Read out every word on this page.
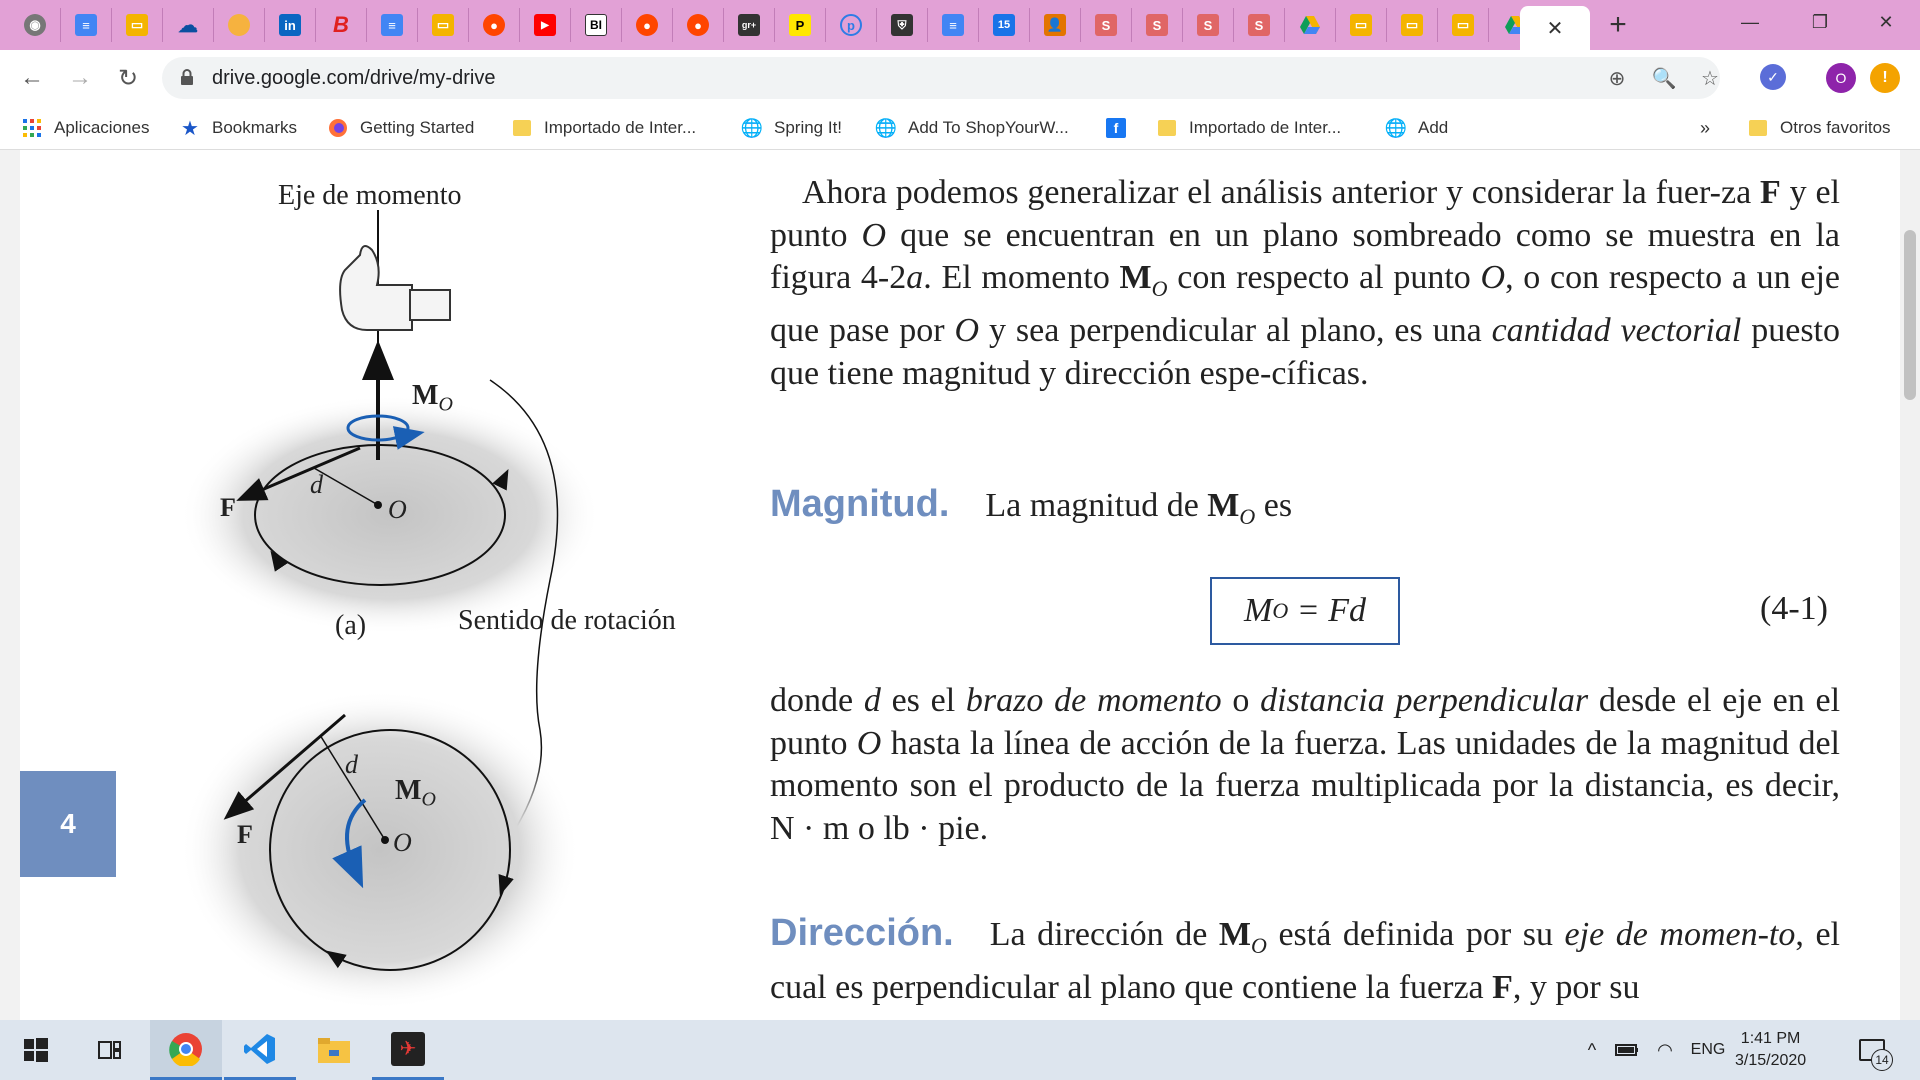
◉	≡	▭ ☁	in B	≡	▭	●	▶	BI	●	●	gr+	P	p	⛨	≡	15	👤	S	S	S	S	▭	▭	▭	✕	+	—	❐	✕
← → ↻	drive.google.com/drive/my-drive	⊕ 🔍 ☆	✓	O	!
Aplicaciones ★ Bookmarks	Getting Started	Importado de Inter... 🌐 Spring It! 🌐 Add To ShopYourW...	f	Importado de Inter... 🌐 Add	»	Otros favoritos
Eje de momento
$M_O$
F
d
O
(a)	Sentido de rotación
d
$M_O$
F	O
Ahora podemos generalizar el análisis anterior y considerar la fuer-za F y el punto O que se encuentran en un plano sombreado como se muestra en la figura 4-2a. El momento $M_O$ con respecto al punto O, o con respecto a un eje que pase por O y sea perpendicular al plano, es una cantidad vectorial puesto que tiene magnitud y dirección espe-cíficas.
Magnitud. La magnitud de $M_O$ es
M O = Fd	(4-1)
donde d es el brazo de momento o distancia perpendicular desde el eje en el punto O hasta la línea de acción de la fuerza. Las unidades de la magnitud del momento son el producto de la fuerza multiplicada por la distancia, es decir, N · m o lb · pie.
Dirección. La dirección de $M_O$ está definida por su eje de momen-to, el cual es perpendicular al plano que contiene la fuerza F, y por su
4
✈	^	◠	ENG
1:41 PM
3/15/2020	14
